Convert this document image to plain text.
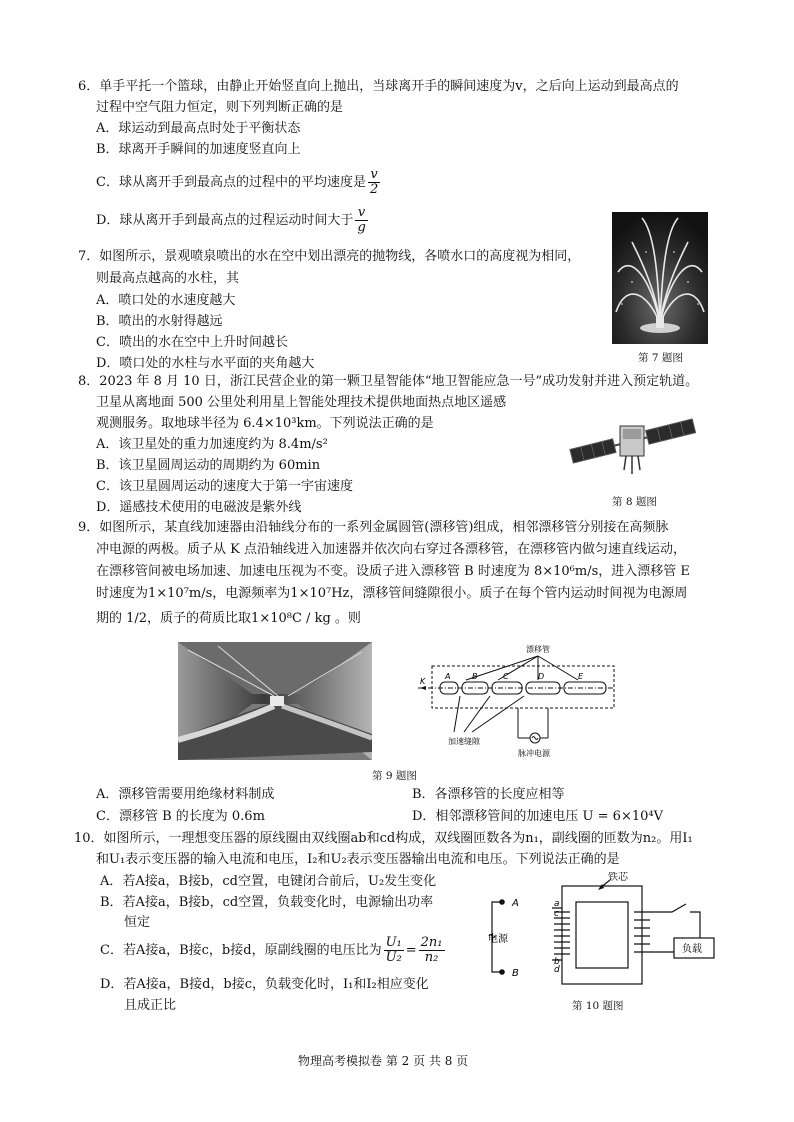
6．单手平托一个篮球，由静止开始竖直向上抛出，当球离开手的瞬间速度为v，之后向上运动到最高点的
过程中空气阻力恒定，则下列判断正确的是
A．球运动到最高点时处于平衡状态
B．球离开手瞬间的加速度竖直向上
C．球从离开手到最高点的过程中的平均速度是 $\frac{v}{2}$
D．球从离开手到最高点的过程运动时间大于 $\frac{v}{g}$
7．如图所示，景观喷泉喷出的水在空中划出漂亮的抛物线，各喷水口的高度视为相同，
则最高点越高的水柱，其
A．喷口处的水速度越大
B．喷出的水射得越远
C．喷出的水在空中上升时间越长
D．喷口处的水柱与水平面的夹角越大	第 7 题图
8．2023 年 8 月 10 日，浙江民营企业的第一颗卫星智能体“地卫智能应急一号”成功发射并进入预定轨道。
卫星从离地面 500 公里处利用星上智能处理技术提供地面热点地区遥感
观测服务。取地球半径为 6.4×10³km。下列说法正确的是
A．该卫星处的重力加速度约为 8.4m/s²
B．该卫星圆周运动的周期约为 60min
C．该卫星圆周运动的速度大于第一宇宙速度
D．遥感技术使用的电磁波是紫外线	第 8 题图
9．如图所示，某直线加速器由沿轴线分布的一系列金属圆管(漂移管)组成，相邻漂移管分别接在高频脉
冲电源的两极。质子从 K 点沿轴线进入加速器并依次向右穿过各漂移管，在漂移管内做匀速直线运动，
在漂移管间被电场加速、加速电压视为不变。设质子进入漂移管 B 时速度为 8×10⁶m/s，进入漂移管 E
时速度为1×10⁷m/s，电源频率为1×10⁷Hz，漂移管间缝隙很小。质子在每个管内运动时间视为电源周
期的 1/2，质子的荷质比取1×10⁸C / kg 。则
K
A	B	C	D	E
漂移管
加速缝隙
脉冲电源
第 9 题图
A．漂移管需要用绝缘材料制成	B．各漂移管的长度应相等
C．漂移管 B 的长度为 0.6m	D．相邻漂移管间的加速电压 U = 6×10⁴V
10．如图所示，一理想变压器的原线圈由双线圈ab和cd构成，双线圈匝数各为n₁，副线圈的匝数为n₂。用I₁
和U₁表示变压器的输入电流和电压，I₂和U₂表示变压器输出电流和电压。下列说法正确的是
A．若A接a，B接b，cd空置，电键闭合前后，U₂发生变化
B．若A接a，B接b，cd空置，负载变化时，电源输出功率
恒定
C．若A接a，B接c，b接d，原副线圈的电压比为 $\frac{\text{U₁}}{\text{U₂}} = \frac{\text{2n₁}}{\text{n₂}}$
D．若A接a，B接d，b接c，负载变化时，I₁和I₂相应变化
且成正比
A
B
电源
a
c
b
d
铁芯
负载
第 10 题图
物理高考模拟卷 第 2 页 共 8 页
